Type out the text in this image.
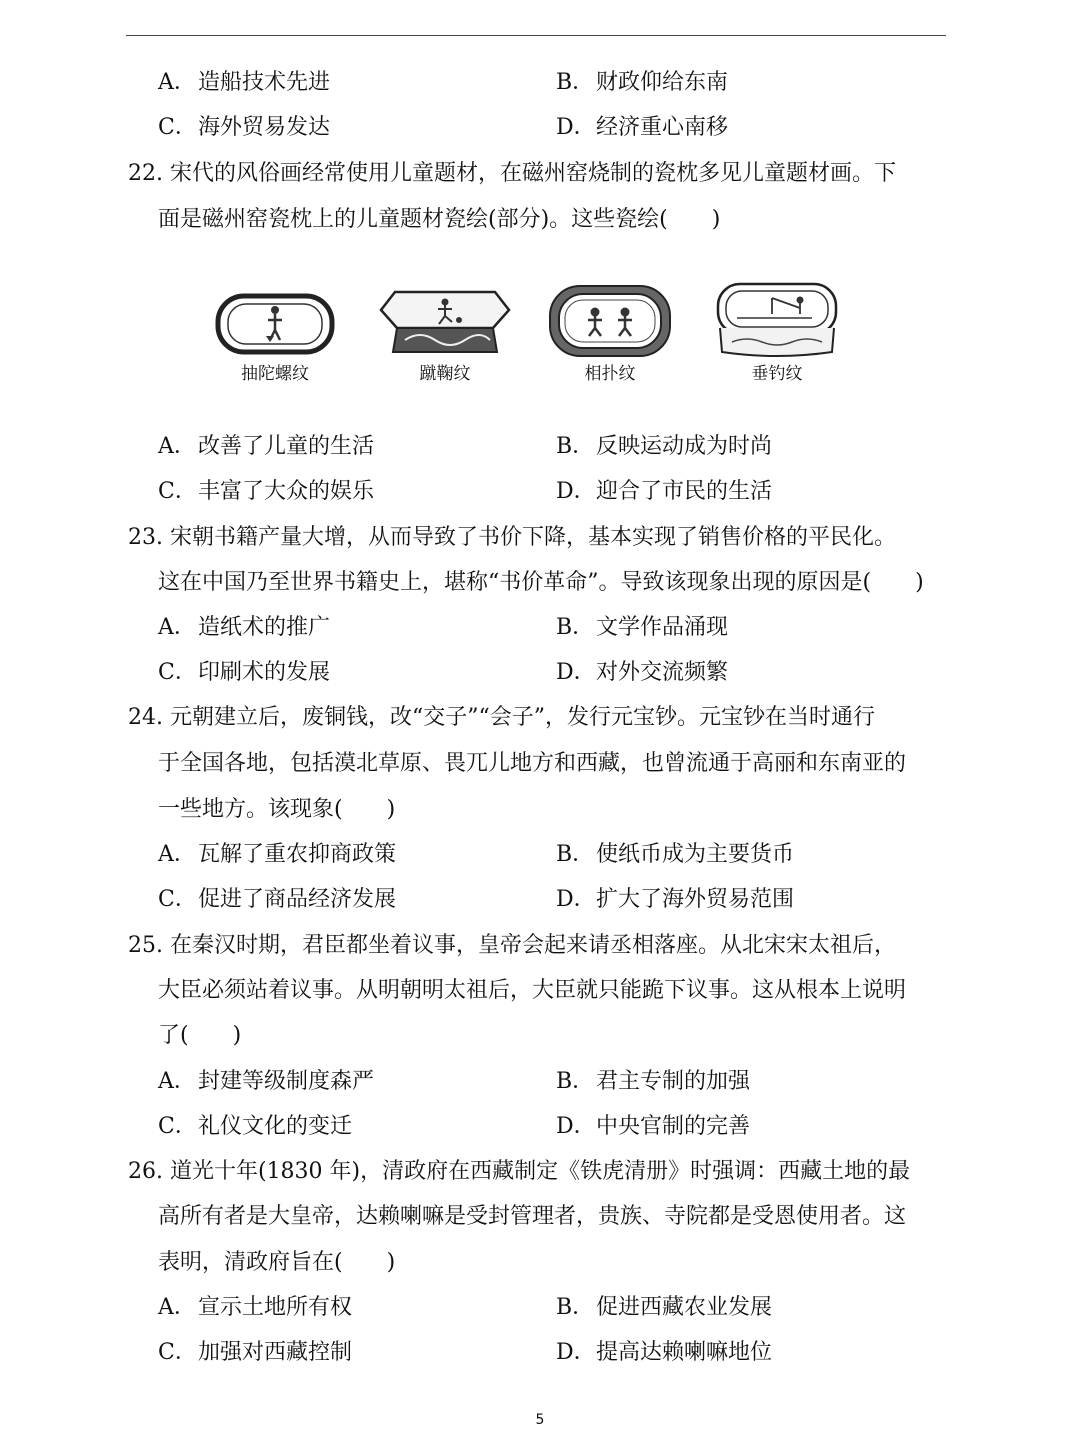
A．造船技术先进	B．财政仰给东南
C．海外贸易发达	D．经济重心南移
22. 宋代的风俗画经常使用儿童题材，在磁州窑烧制的瓷枕多见儿童题材画。下
面是磁州窑瓷枕上的儿童题材瓷绘(部分)。这些瓷绘(　　)
抽陀螺纹	蹴鞠纹	相扑纹	垂钓纹
A．改善了儿童的生活	B．反映运动成为时尚
C．丰富了大众的娱乐	D．迎合了市民的生活
23. 宋朝书籍产量大增，从而导致了书价下降，基本实现了销售价格的平民化。
这在中国乃至世界书籍史上，堪称“书价革命”。导致该现象出现的原因是(　　)
A．造纸术的推广	B．文学作品涌现
C．印刷术的发展	D．对外交流频繁
24. 元朝建立后，废铜钱，改“交子”“会子”，发行元宝钞。元宝钞在当时通行
于全国各地，包括漠北草原、畏兀儿地方和西藏，也曾流通于高丽和东南亚的
一些地方。该现象(　　)
A．瓦解了重农抑商政策	B．使纸币成为主要货币
C．促进了商品经济发展	D．扩大了海外贸易范围
25. 在秦汉时期，君臣都坐着议事，皇帝会起来请丞相落座。从北宋宋太祖后，
大臣必须站着议事。从明朝明太祖后，大臣就只能跪下议事。这从根本上说明
了(　　)
A．封建等级制度森严	B．君主专制的加强
C．礼仪文化的变迁	D．中央官制的完善
26. 道光十年(1830 年)，清政府在西藏制定《铁虎清册》时强调：西藏土地的最
高所有者是大皇帝，达赖喇嘛是受封管理者，贵族、寺院都是受恩使用者。这
表明，清政府旨在(　　)
A．宣示土地所有权	B．促进西藏农业发展
C．加强对西藏控制	D．提高达赖喇嘛地位
5
